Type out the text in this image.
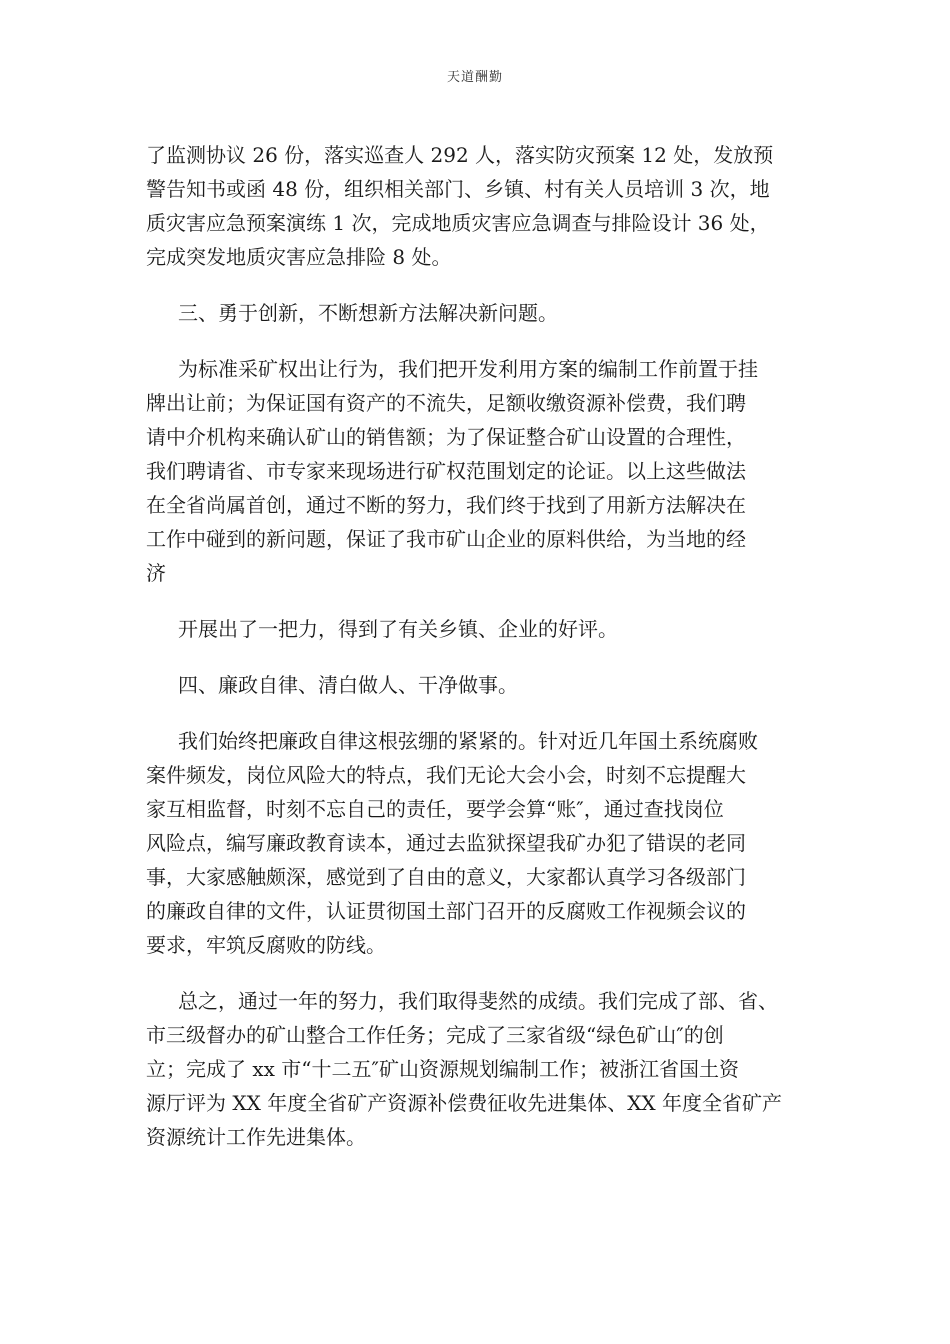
天道酬勤

了监测协议 26 份，落实巡查人 292 人，落实防灾预案 12 处，发放预
警告知书或函 48 份，组织相关部门、乡镇、村有关人员培训 3 次，地
质灾害应急预案演练 1 次，完成地质灾害应急调查与排险设计 36 处，
完成突发地质灾害应急排险 8 处。

三、勇于创新，不断想新方法解决新问题。

为标准采矿权出让行为，我们把开发利用方案的编制工作前置于挂
牌出让前；为保证国有资产的不流失，足额收缴资源补偿费，我们聘
请中介机构来确认矿山的销售额；为了保证整合矿山设置的合理性，
我们聘请省、市专家来现场进行矿权范围划定的论证。以上这些做法
在全省尚属首创，通过不断的努力，我们终于找到了用新方法解决在
工作中碰到的新问题，保证了我市矿山企业的原料供给，为当地的经
济

开展出了一把力，得到了有关乡镇、企业的好评。

四、廉政自律、清白做人、干净做事。

我们始终把廉政自律这根弦绷的紧紧的。针对近几年国土系统腐败
案件频发，岗位风险大的特点，我们无论大会小会，时刻不忘提醒大
家互相监督，时刻不忘自己的责任，要学会算“账″，通过查找岗位
风险点，编写廉政教育读本，通过去监狱探望我矿办犯了错误的老同
事，大家感触颇深，感觉到了自由的意义，大家都认真学习各级部门
的廉政自律的文件，认证贯彻国土部门召开的反腐败工作视频会议的
要求，牢筑反腐败的防线。

总之，通过一年的努力，我们取得斐然的成绩。我们完成了部、省、
市三级督办的矿山整合工作任务；完成了三家省级“绿色矿山″的创
立；完成了 xx 市“十二五″矿山资源规划编制工作；被浙江省国土资
源厅评为 XX 年度全省矿产资源补偿费征收先进集体、XX 年度全省矿产
资源统计工作先进集体。
